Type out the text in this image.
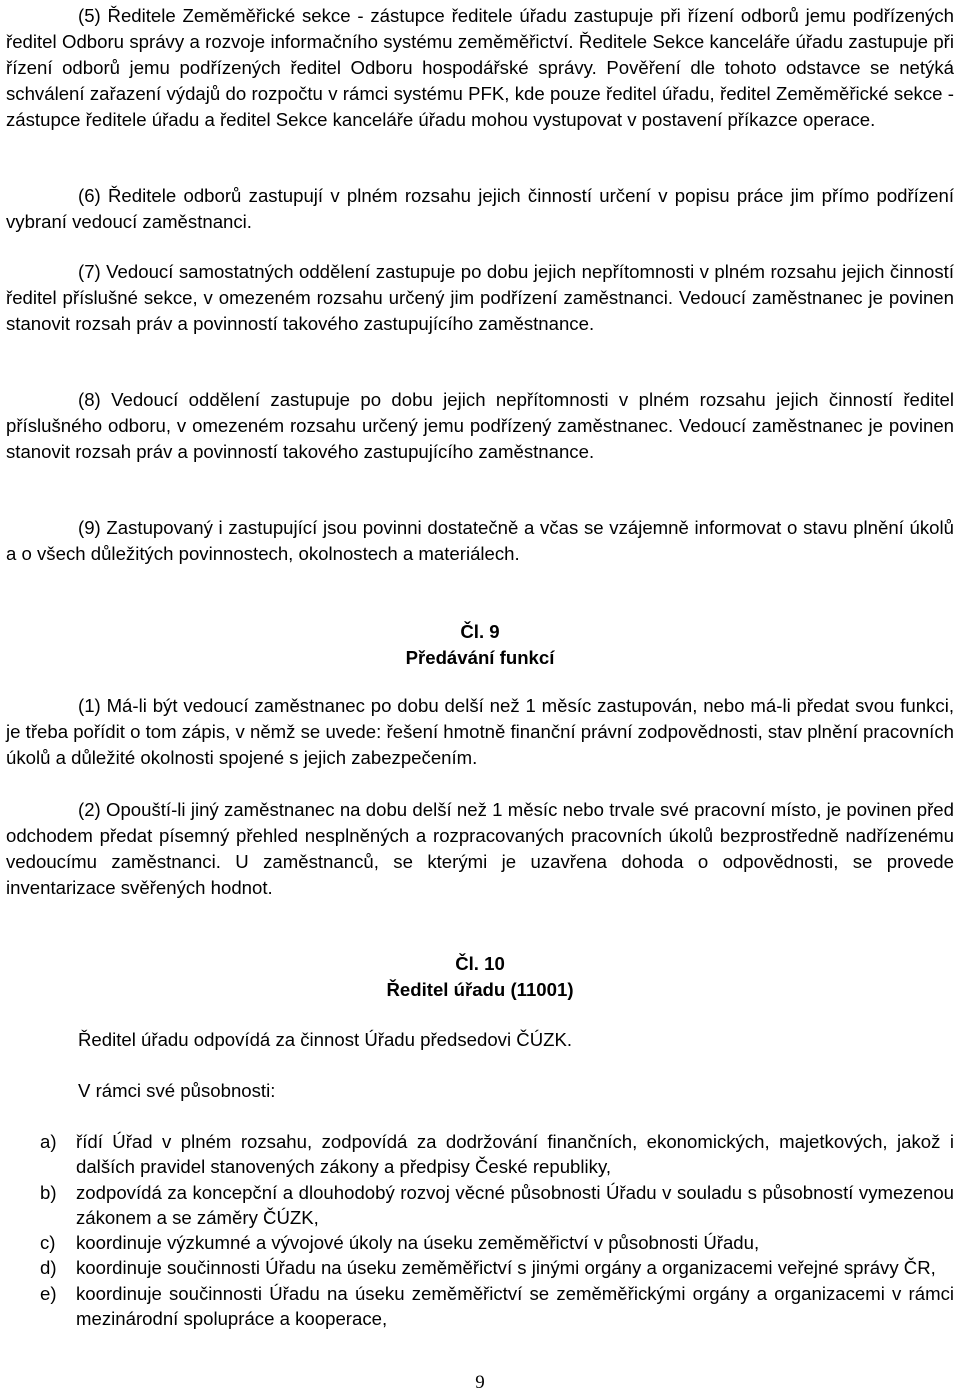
(5) Ředitele Zeměměřické sekce - zástupce ředitele úřadu zastupuje při řízení odborů jemu podřízených ředitel Odboru správy a rozvoje informačního systému zeměměřictví. Ředitele Sekce kanceláře úřadu zastupuje při řízení odborů jemu podřízených ředitel Odboru hospodářské správy. Pověření dle tohoto odstavce se netýká schválení zařazení výdajů do rozpočtu v rámci systému PFK, kde pouze ředitel úřadu, ředitel Zeměměřické sekce - zástupce ředitele úřadu a ředitel Sekce kanceláře úřadu mohou vystupovat v postavení příkazce operace.

(6) Ředitele odborů zastupují v plném rozsahu jejich činností určení v popisu práce jim přímo podřízení vybraní vedoucí zaměstnanci.

(7) Vedoucí samostatných oddělení zastupuje po dobu jejich nepřítomnosti v plném rozsahu jejich činností ředitel příslušné sekce, v omezeném rozsahu určený jim podřízení zaměstnanci. Vedoucí zaměstnanec je povinen stanovit rozsah práv a povinností takového zastupujícího zaměstnance.

(8) Vedoucí oddělení zastupuje po dobu jejich nepřítomnosti v plném rozsahu jejich činností ředitel příslušného odboru, v omezeném rozsahu určený jemu podřízený zaměstnanec. Vedoucí zaměstnanec je povinen stanovit rozsah práv a povinností takového zastupujícího zaměstnance.

(9) Zastupovaný i zastupující jsou povinni dostatečně a včas se vzájemně informovat o stavu plnění úkolů a o všech důležitých povinnostech, okolnostech a materiálech.

Čl. 9

Předávání funkcí

(1) Má-li být vedoucí zaměstnanec po dobu delší než 1 měsíc zastupován, nebo má-li předat svou funkci, je třeba pořídit o tom zápis, v němž se uvede: řešení hmotně finanční právní zodpovědnosti, stav plnění pracovních úkolů a důležité okolnosti spojené s jejich zabezpečením.

(2) Opouští-li jiný zaměstnanec na dobu delší než 1 měsíc nebo trvale své pracovní místo, je povinen před odchodem předat písemný přehled nesplněných a rozpracovaných pracovních úkolů bezprostředně nadřízenému vedoucímu zaměstnanci. U zaměstnanců, se kterými je uzavřena dohoda o odpovědnosti, se provede inventarizace svěřených hodnot.

Čl. 10

Ředitel úřadu (11001)

Ředitel úřadu odpovídá za činnost Úřadu předsedovi ČÚZK.

V rámci své působnosti:

a) řídí Úřad v plném rozsahu, zodpovídá za dodržování finančních, ekonomických, majetkových, jakož i dalších pravidel stanovených zákony a předpisy České republiky,
b) zodpovídá za koncepční a dlouhodobý rozvoj věcné působnosti Úřadu v souladu s působností vymezenou zákonem a se záměry ČÚZK,
c) koordinuje výzkumné a vývojové úkoly na úseku zeměměřictví v působnosti Úřadu,
d) koordinuje součinnosti Úřadu na úseku zeměměřictví s jinými orgány a organizacemi veřejné správy ČR,
e) koordinuje součinnosti Úřadu na úseku zeměměřictví se zeměměřickými orgány a organizacemi v rámci mezinárodní spolupráce a kooperace,
9
